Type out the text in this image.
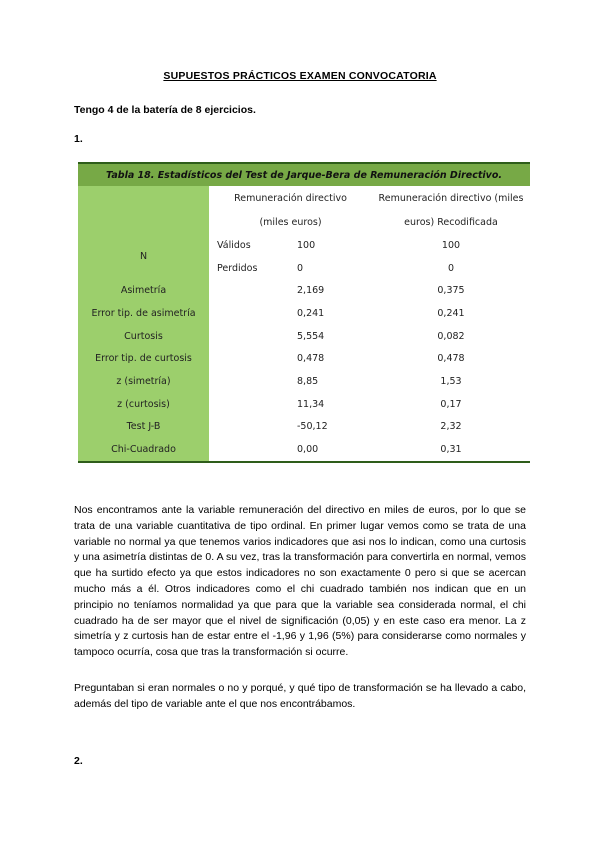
SUPUESTOS PRÁCTICOS EXAMEN CONVOCATORIA
Tengo 4 de la batería de 8 ejercicios.
1.
Tabla 18. Estadísticos del Test de Jarque-Bera de Remuneración Directivo.			
	Remuneración directivo		Remuneración directivo (miles
	(miles euros)		euros) Recodificada
N	Válidos	100	100
	Perdidos	0	0
Asimetría		2,169	0,375
Error tip. de asimetría		0,241	0,241
Curtosis		5,554	0,082
Error tip. de curtosis		0,478	0,478
z (simetría)		8,85	1,53
z (curtosis)		11,34	0,17
Test J-B		-50,12	2,32
Chi-Cuadrado		0,00	0,31

Nos encontramos ante la variable remuneración del directivo en miles de euros, por lo que se trata de una variable cuantitativa de tipo ordinal. En primer lugar vemos como se trata de una variable no normal ya que tenemos varios indicadores que asi nos lo indican, como una curtosis y una asimetría distintas de 0. A su vez, tras la transformación para convertirla en normal, vemos que ha surtido efecto ya que estos indicadores no son exactamente 0 pero si que se acercan mucho más a él. Otros indicadores como el chi cuadrado también nos indican que en un principio no teníamos normalidad ya que para que la variable sea considerada normal, el chi cuadrado ha de ser mayor que el nivel de significación (0,05) y en este caso era menor. La z simetría y z curtosis han de estar entre el -1,96 y 1,96 (5%) para considerarse como normales y tampoco ocurría, cosa que tras la transformación si ocurre.

Preguntaban si eran normales o no y porqué, y qué tipo de transformación se ha llevado a cabo, además del tipo de variable ante el que nos encontrábamos.

2.
